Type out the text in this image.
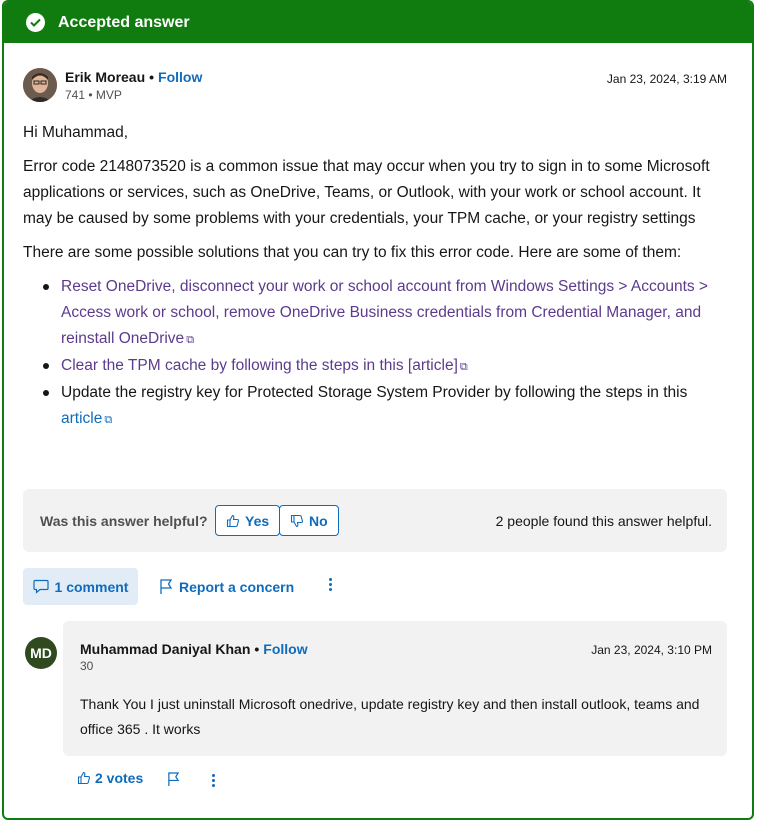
Accepted answer
Erik Moreau • Follow
741 • MVP
Jan 23, 2024, 3:19 AM

Hi Muhammad,

Error code 2148073520 is a common issue that may occur when you try to sign in to some Microsoft applications or services, such as OneDrive, Teams, or Outlook, with your work or school account. It may be caused by some problems with your credentials, your TPM cache, or your registry settings

There are some possible solutions that you can try to fix this error code. Here are some of them:

Reset OneDrive, disconnect your work or school account from Windows Settings > Accounts > Access work or school, remove OneDrive Business credentials from Credential Manager, and reinstall OneDrive ⧉
Clear the TPM cache by following the steps in this [article] ⧉
Update the registry key for Protected Storage System Provider by following the steps in this article ⧉
Was this answer helpful?	Yes	No	2 people found this answer helpful.
1 comment	Report a concern
MD	Muhammad Daniyal Khan • Follow
30
Jan 23, 2024, 3:10 PM
Thank You I just uninstall Microsoft onedrive, update registry key and then install outlook, teams and office 365 . It works
2 votes
